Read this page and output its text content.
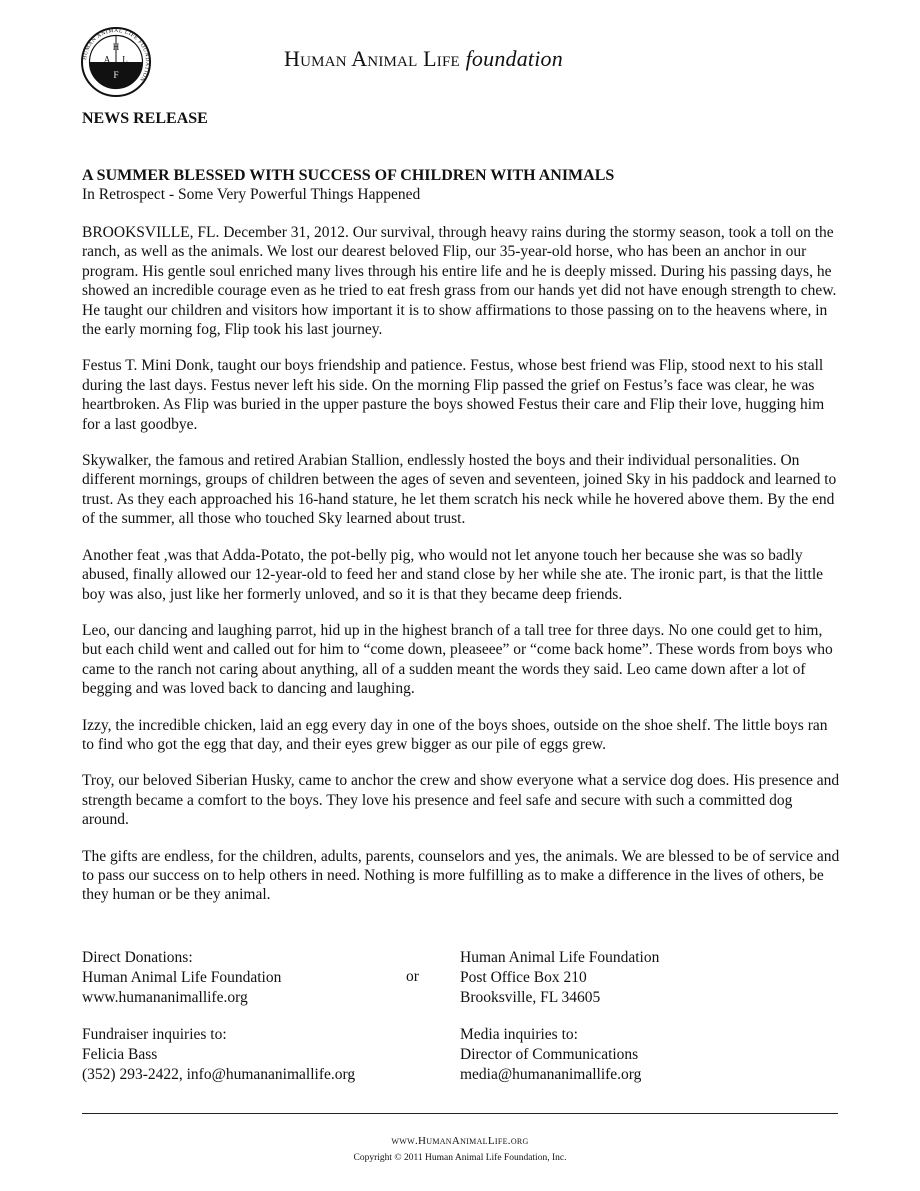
HUMAN ANIMAL LIFE FOUNDATION
H
A L
F
Human Animal Life foundation
NEWS RELEASE
A SUMMER BLESSED WITH SUCCESS OF CHILDREN WITH ANIMALS
In Retrospect - Some Very Powerful Things Happened

BROOKSVILLE, FL. December 31, 2012. Our survival, through heavy rains during the stormy season, took a toll on the ranch, as well as the animals. We lost our dearest beloved Flip, our 35-year-old horse, who has been an anchor in our program. His gentle soul enriched many lives through his entire life and he is deeply missed. During his passing days, he showed an incredible courage even as he tried to eat fresh grass from our hands yet did not have enough strength to chew. He taught our children and visitors how important it is to show affirmations to those passing on to the heavens where, in the early morning fog, Flip took his last journey.

Festus T. Mini Donk, taught our boys friendship and patience. Festus, whose best friend was Flip, stood next to his stall during the last days. Festus never left his side. On the morning Flip passed the grief on Festus’s face was clear, he was heartbroken. As Flip was buried in the upper pasture the boys showed Festus their care and Flip their love, hugging him for a last goodbye.

Skywalker, the famous and retired Arabian Stallion, endlessly hosted the boys and their individual personalities. On different mornings, groups of children between the ages of seven and seventeen, joined Sky in his paddock and learned to trust. As they each approached his 16-hand stature, he let them scratch his neck while he hovered above them. By the end of the summer, all those who touched Sky learned about trust.

Another feat ,was that Adda-Potato, the pot-belly pig, who would not let anyone touch her because she was so badly abused, finally allowed our 12-year-old to feed her and stand close by her while she ate. The ironic part, is that the little boy was also, just like her formerly unloved, and so it is that they became deep friends.

Leo, our dancing and laughing parrot, hid up in the highest branch of a tall tree for three days. No one could get to him, but each child went and called out for him to “come down, pleaseee” or “come back home”. These words from boys who came to the ranch not caring about anything, all of a sudden meant the words they said. Leo came down after a lot of begging and was loved back to dancing and laughing.

Izzy, the incredible chicken, laid an egg every day in one of the boys shoes, outside on the shoe shelf. The little boys ran to find who got the egg that day, and their eyes grew bigger as our pile of eggs grew.

Troy, our beloved Siberian Husky, came to anchor the crew and show everyone what a service dog does. His presence and strength became a comfort to the boys. They love his presence and feel safe and secure with such a committed dog around.

The gifts are endless, for the children, adults, parents, counselors and yes, the animals. We are blessed to be of service and to pass our success on to help others in need. Nothing is more fulfilling as to make a difference in the lives of others, be they human or be they animal.

Direct Donations:
Human Animal Life Foundation
www.humananimallife.org
or
Human Animal Life Foundation
Post Office Box 210
Brooksville, FL 34605
Fundraiser inquiries to:
Felicia Bass
(352) 293-2422, info@humananimallife.org
Media inquiries to:
Director of Communications
media@humananimallife.org
www.HumanAnimalLife.org
Copyright © 2011 Human Animal Life Foundation, Inc.
